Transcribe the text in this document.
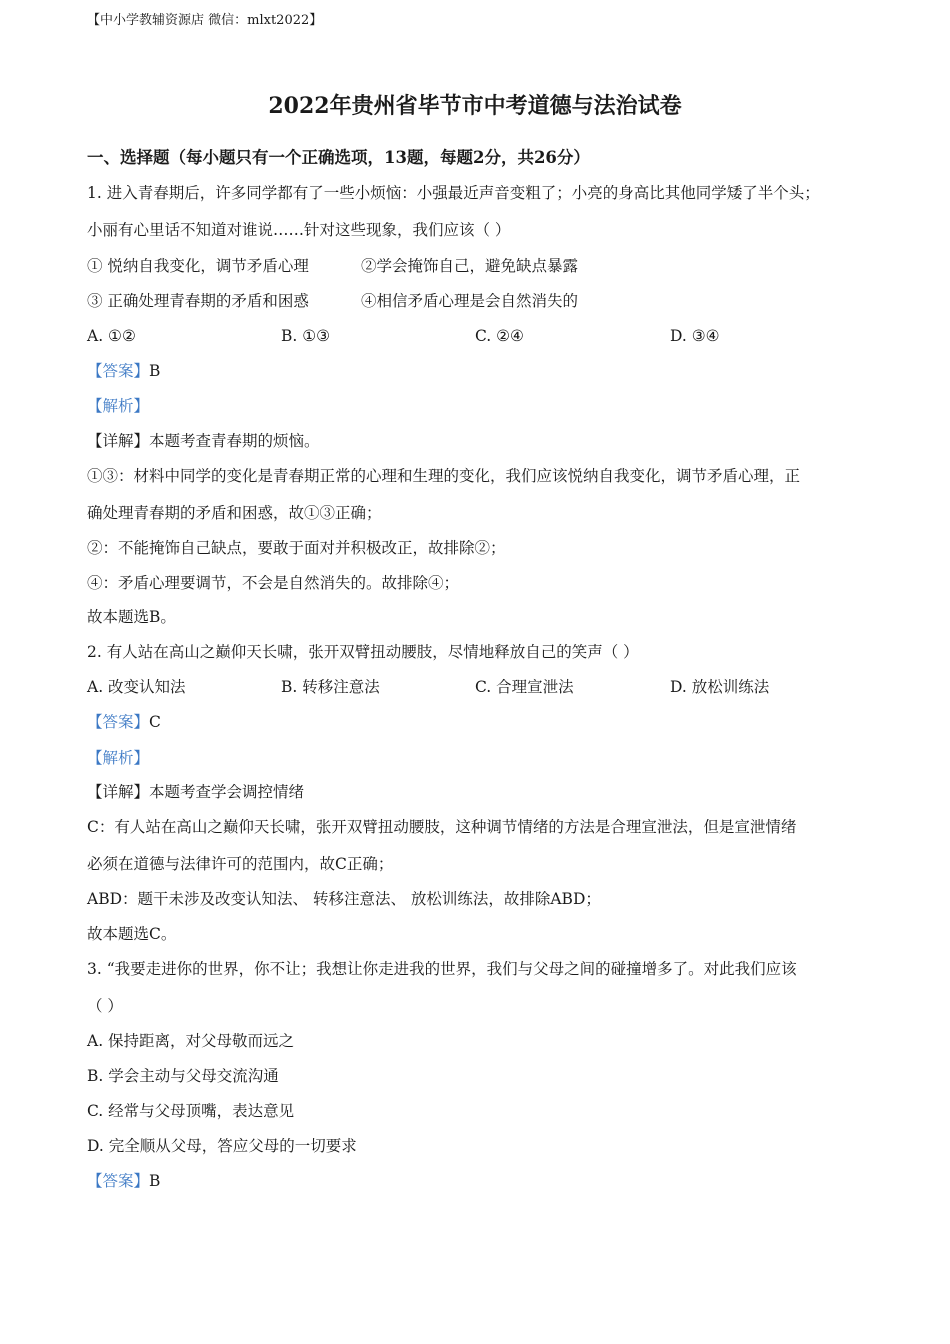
【中小学教辅资源店 微信：mlxt2022】
2022年贵州省毕节市中考道德与法治试卷
一、选择题（每小题只有一个正确选项，13题，每题2分，共26分）
1. 进入青春期后，许多同学都有了一些小烦恼：小强最近声音变粗了；小亮的身高比其他同学矮了半个头；
小丽有心里话不知道对谁说……针对这些现象，我们应该（ ）
① 悦纳自我变化，调节矛盾心理	②学会掩饰自己，避免缺点暴露
③ 正确处理青春期的矛盾和困惑	④相信矛盾心理是会自然消失的
A. ①②	B. ①③	C. ②④	D. ③④
【答案】B
【解析】
【详解】本题考查青春期的烦恼。
①③：材料中同学的变化是青春期正常的心理和生理的变化，我们应该悦纳自我变化，调节矛盾心理，正
确处理青春期的矛盾和困惑，故①③正确；
②：不能掩饰自己缺点，要敢于面对并积极改正，故排除②；
④：矛盾心理要调节，不会是自然消失的。故排除④；
故本题选B。
2. 有人站在高山之巅仰天长啸，张开双臂扭动腰肢，尽情地释放自己的笑声（ ）
A. 改变认知法	B. 转移注意法	C. 合理宣泄法	D. 放松训练法
【答案】C
【解析】
【详解】本题考查学会调控情绪
C：有人站在高山之巅仰天长啸，张开双臂扭动腰肢，这种调节情绪的方法是合理宣泄法，但是宣泄情绪
必须在道德与法律许可的范围内，故C正确；
ABD：题干未涉及改变认知法、 转移注意法、 放松训练法，故排除ABD；
故本题选C。
3. “我要走进你的世界，你不让；我想让你走进我的世界，我们与父母之间的碰撞增多了。对此我们应该
（ ）
A. 保持距离，对父母敬而远之
B. 学会主动与父母交流沟通
C. 经常与父母顶嘴，表达意见
D. 完全顺从父母，答应父母的一切要求
【答案】B
